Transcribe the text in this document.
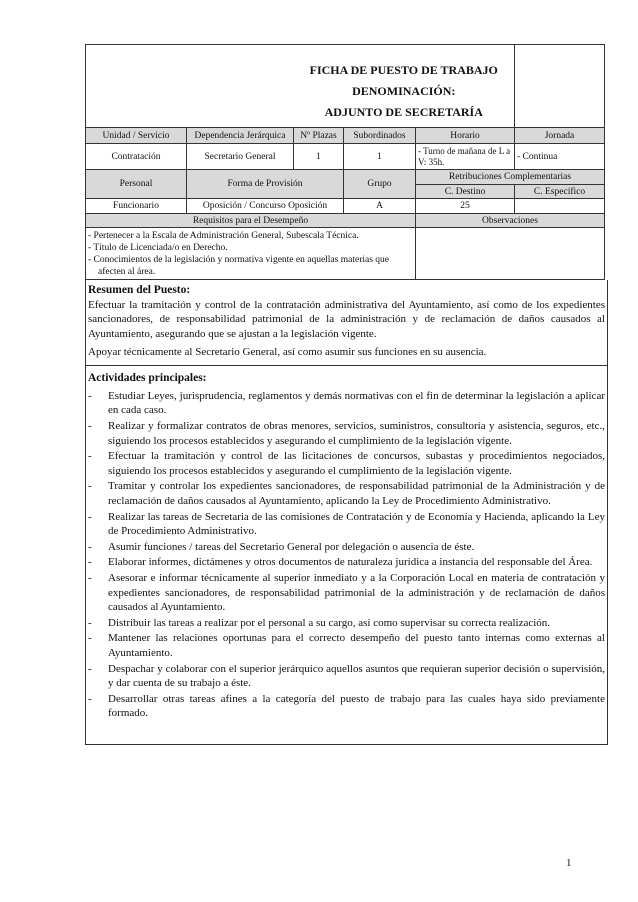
		FICHA DE PUESTO DE TRABAJO
DENOMINACIÓN:
ADJUNTO DE SECRETARÍA			

Unidad / Servicio	Dependencia Jerárquica	Nº Plazas	Subordinados	Horario	Jornada
Contratación	Secretario General	1	1	- Turno de mañana de L a V: 35h.	- Continua
Personal	Forma de Provisión		Grupo	Retribuciones Complementarias	
				C. Destino	C. Específico
Funcionario	Oposición / Concurso Oposición		A	25	
Requisitos para el Desempeño				Observaciones	

- Pertenecer a la Escala de Administración General, Subescala Técnica.
- Título de Licenciada/o en Derecho.
- Conocimientos de la legislación y normativa vigente en aquellas materias que afecten al área.					

Resumen del Puesto:

Efectuar la tramitación y control de la contratación administrativa del Ayuntamiento, así como de los expedientes sancionadores, de responsabilidad patrimonial de la administración y de reclamación de daños causados al Ayuntamiento, asegurando que se ajustan a la legislación vigente.

Apoyar técnicamente al Secretario General, así como asumir sus funciones en su ausencia.

Actividades principales:
- Estudiar Leyes, jurisprudencia, reglamentos y demás normativas con el fin de determinar la legislación a aplicar en cada caso.
- Realizar y formalizar contratos de obras menores, servicios, suministros, consultoría y asistencia, seguros, etc., siguiendo los procesos establecidos y asegurando el cumplimiento de la legislación vigente.
- Efectuar la tramitación y control de las licitaciones de concursos, subastas y procedimientos negociados, siguiendo los procesos establecidos y asegurando el cumplimiento de la legislación vigente.
- Tramitar y controlar los expedientes sancionadores, de responsabilidad patrimonial de la Administración y de reclamación de daños causados al Ayuntamiento, aplicando la Ley de Procedimiento Administrativo.
- Realizar las tareas de Secretaria de las comisiones de Contratación y de Economía y Hacienda, aplicando la Ley de Procedimiento Administrativo.
- Asumir funciones / tareas del Secretario General por delegación o ausencia de éste.
- Elaborar informes, dictámenes y otros documentos de naturaleza jurídica a instancia del responsable del Área.
- Asesorar e informar técnicamente al superior inmediato y a la Corporación Local en materia de contratación y expedientes sancionadores, de responsabilidad patrimonial de la administración y de reclamación de daños causados al Ayuntamiento.
- Distribuir las tareas a realizar por el personal a su cargo, así como supervisar su correcta realización.
- Mantener las relaciones oportunas para el correcto desempeño del puesto tanto internas como externas al Ayuntamiento.
- Despachar y colaborar con el superior jerárquico aquellos asuntos que requieran superior decisión o supervisión, y dar cuenta de su trabajo a éste.
- Desarrollar otras tareas afines a la categoría del puesto de trabajo para las cuales haya sido previamente formado.
1
